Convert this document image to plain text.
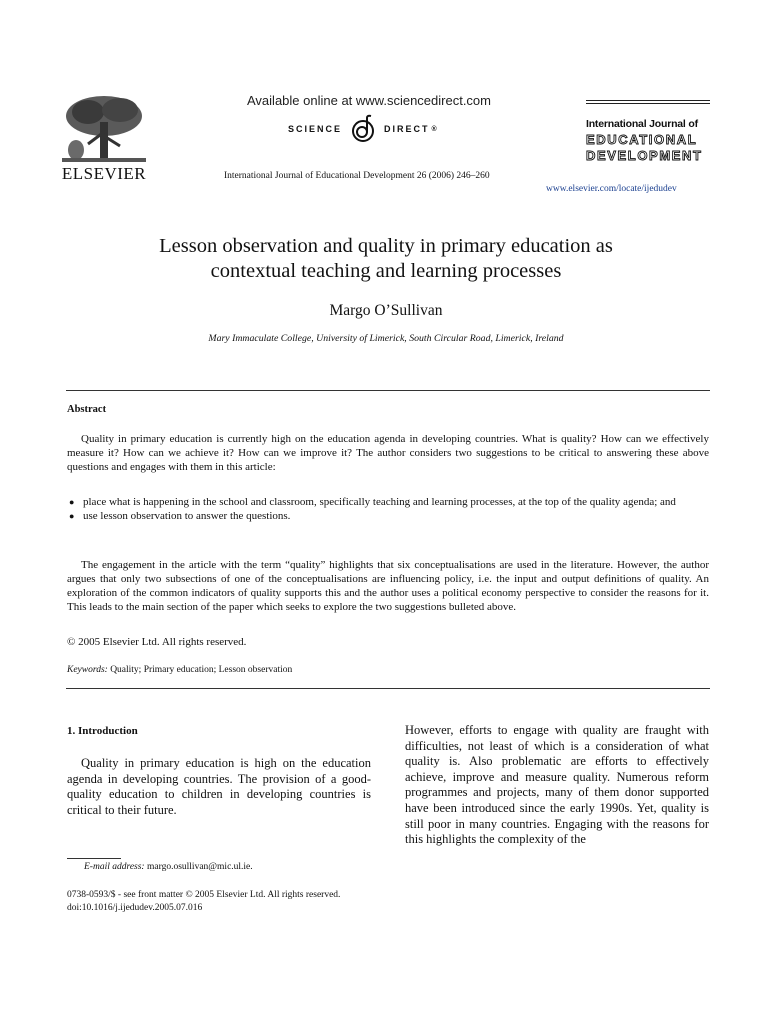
ELSEVIER
Available online at www.sciencedirect.com
SCIENCE	DIRECT ®
International Journal of Educational Development 26 (2006) 246–260
International Journal of
EDUCATIONAL
DEVELOPMENT
www.elsevier.com/locate/ijedudev
Lesson observation and quality in primary education as
contextual teaching and learning processes
Margo O’Sullivan
Mary Immaculate College, University of Limerick, South Circular Road, Limerick, Ireland
Abstract

Quality in primary education is currently high on the education agenda in developing countries. What is quality? How can we effectively measure it? How can we achieve it? How can we improve it? The author considers two suggestions to be critical to answering these above questions and engages with them in this article:

● place what is happening in the school and classroom, specifically teaching and learning processes, at the top of the quality agenda; and
● use lesson observation to answer the questions.

The engagement in the article with the term “quality” highlights that six conceptualisations are used in the literature. However, the author argues that only two subsections of one of the conceptualisations are influencing policy, i.e. the input and output definitions of quality. An exploration of the common indicators of quality supports this and the author uses a political economy perspective to consider the reasons for it. This leads to the main section of the paper which seeks to explore the two suggestions bulleted above.

© 2005 Elsevier Ltd. All rights reserved.
Keywords: Quality; Primary education; Lesson observation
1. Introduction

Quality in primary education is high on the education agenda in developing countries. The provision of a good-quality education to children in developing countries is critical to their future.

However, efforts to engage with quality are fraught with difficulties, not least of which is a consideration of what quality is. Also problematic are efforts to effectively achieve, improve and measure quality. Numerous reform programmes and projects, many of them donor supported have been introduced since the early 1990s. Yet, quality is still poor in many countries. Engaging with the reasons for this highlights the complexity of the

E-mail address: margo.osullivan@mic.ul.ie.
0738-0593/$ - see front matter © 2005 Elsevier Ltd. All rights reserved.
doi:10.1016/j.ijedudev.2005.07.016
